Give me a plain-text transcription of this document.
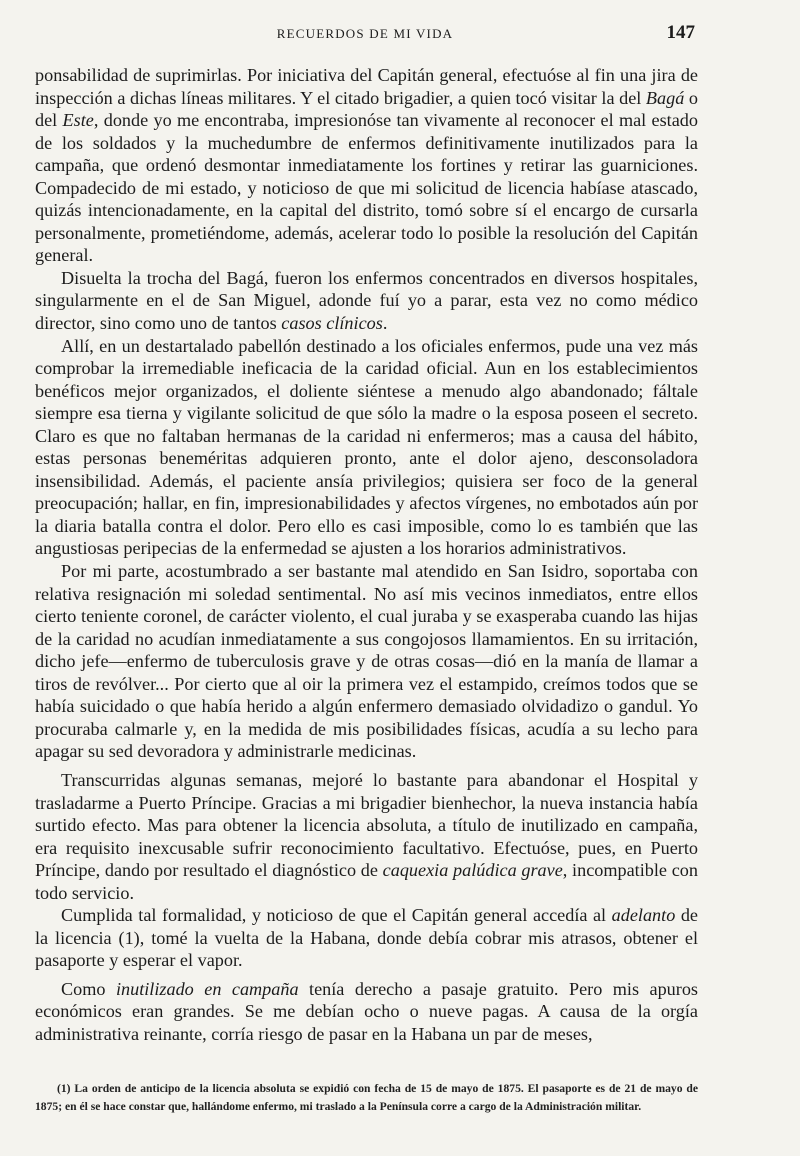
RECUERDOS DE MI VIDA	147

ponsabilidad de suprimirlas. Por iniciativa del Capitán general, efectuóse al fin una jira de inspección a dichas líneas militares. Y el citado brigadier, a quien tocó visitar la del Bagá o del Este, donde yo me encontraba, impresionóse tan vivamente al reconocer el mal estado de los soldados y la muchedumbre de enfermos definitivamente inutilizados para la campaña, que ordenó desmontar inmediatamente los fortines y retirar las guarniciones. Compadecido de mi estado, y noticioso de que mi solicitud de licencia habíase atascado, quizás intencionadamente, en la capital del distrito, tomó sobre sí el encargo de cursarla personalmente, prometiéndome, además, acelerar todo lo posible la resolución del Capitán general.

Disuelta la trocha del Bagá, fueron los enfermos concentrados en diversos hospitales, singularmente en el de San Miguel, adonde fuí yo a parar, esta vez no como médico director, sino como uno de tantos casos clínicos.

Allí, en un destartalado pabellón destinado a los oficiales enfermos, pude una vez más comprobar la irremediable ineficacia de la caridad oficial. Aun en los establecimientos benéficos mejor organizados, el doliente siéntese a menudo algo abandonado; fáltale siempre esa tierna y vigilante solicitud de que sólo la madre o la esposa poseen el secreto. Claro es que no faltaban hermanas de la caridad ni enfermeros; mas a causa del hábito, estas personas beneméritas adquieren pronto, ante el dolor ajeno, desconsoladora insensibilidad. Además, el paciente ansía privilegios; quisiera ser foco de la general preocupación; hallar, en fin, impresionabilidades y afectos vírgenes, no embotados aún por la diaria batalla contra el dolor. Pero ello es casi imposible, como lo es también que las angustiosas peripecias de la enfermedad se ajusten a los horarios administrativos.

Por mi parte, acostumbrado a ser bastante mal atendido en San Isidro, soportaba con relativa resignación mi soledad sentimental. No así mis vecinos inmediatos, entre ellos cierto teniente coronel, de carácter violento, el cual juraba y se exasperaba cuando las hijas de la caridad no acudían inmediatamente a sus congojosos llamamientos. En su irritación, dicho jefe—enfermo de tuberculosis grave y de otras cosas—dió en la manía de llamar a tiros de revólver... Por cierto que al oir la primera vez el estampido, creímos todos que se había suicidado o que había herido a algún enfermero demasiado olvidadizo o gandul. Yo procuraba calmarle y, en la medida de mis posibilidades físicas, acudía a su lecho para apagar su sed devoradora y administrarle medicinas.

Transcurridas algunas semanas, mejoré lo bastante para abandonar el Hospital y trasladarme a Puerto Príncipe. Gracias a mi brigadier bienhechor, la nueva instancia había surtido efecto. Mas para obtener la licencia absoluta, a título de inutilizado en campaña, era requisito inexcusable sufrir reconocimiento facultativo. Efectuóse, pues, en Puerto Príncipe, dando por resultado el diagnóstico de caquexia palúdica grave, incompatible con todo servicio.

Cumplida tal formalidad, y noticioso de que el Capitán general accedía al adelanto de la licencia (1), tomé la vuelta de la Habana, donde debía cobrar mis atrasos, obtener el pasaporte y esperar el vapor.

Como inutilizado en campaña tenía derecho a pasaje gratuito. Pero mis apuros económicos eran grandes. Se me debían ocho o nueve pagas. A causa de la orgía administrativa reinante, corría riesgo de pasar en la Habana un par de meses,

(1) La orden de anticipo de la licencia absoluta se expidió con fecha de 15 de mayo de 1875. El pasaporte es de 21 de mayo de 1875; en él se hace constar que, hallándome enfermo, mi traslado a la Península corre a cargo de la Administración militar.
